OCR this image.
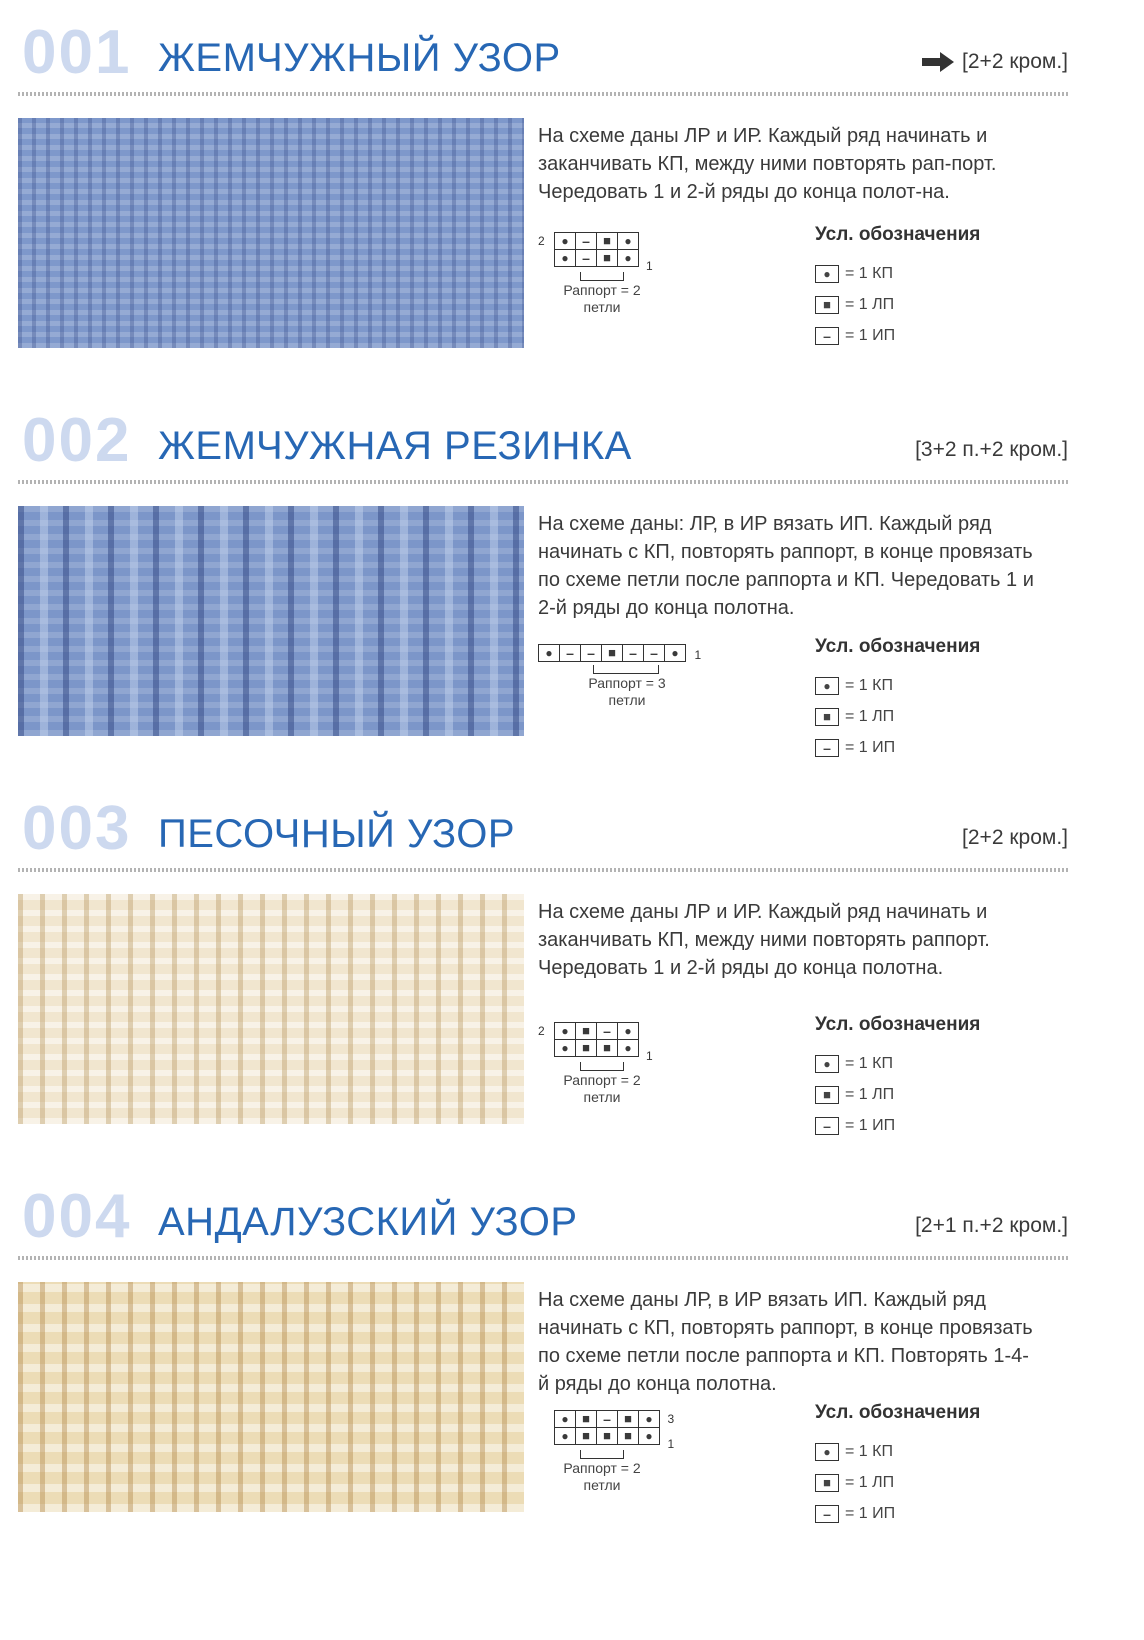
001 ЖЕМЧУЖНЫЙ УЗОР	[2+2 кром.]
На схеме даны ЛР и ИР. Каждый ряд начинать и заканчивать КП, между ними повторять рап-порт. Чередовать 1 и 2-й ряды до конца полот-на.
●	–	■	●
●	–	■	●
2
1
Раппорт = 2 петли
Усл. обозначения
●
= 1 КП
■
= 1 ЛП
–
= 1 ИП
002 ЖЕМЧУЖНАЯ РЕЗИНКА	[3+2 п.+2 кром.]
На схеме даны: ЛР, в ИР вязать ИП. Каждый ряд начинать с КП, повторять раппорт, в конце провязать по схеме петли после раппорта и КП. Чередовать 1 и 2-й ряды до конца полотна.
●	–	–	■	–	–	●
1
Раппорт = 3 петли
Усл. обозначения
●
= 1 КП
■
= 1 ЛП
–
= 1 ИП
003 ПЕСОЧНЫЙ УЗОР	[2+2 кром.]
На схеме даны ЛР и ИР. Каждый ряд начинать и заканчивать КП, между ними повторять раппорт. Чередовать 1 и 2-й ряды до конца полотна.
●	■	–	●
●	■	■	●
2
1
Раппорт = 2 петли
Усл. обозначения
●
= 1 КП
■
= 1 ЛП
–
= 1 ИП
004 АНДАЛУЗСКИЙ УЗОР	[2+1 п.+2 кром.]
На схеме даны ЛР, в ИР вязать ИП. Каждый ряд начинать с КП, повторять раппорт, в конце провязать по схеме петли после раппорта и КП. Повторять 1-4-й ряды до конца полотна.
●	■	–	■	●
●	■	■	■	●
3
1
Раппорт = 2 петли
Усл. обозначения
●
= 1 КП
■
= 1 ЛП
–
= 1 ИП
